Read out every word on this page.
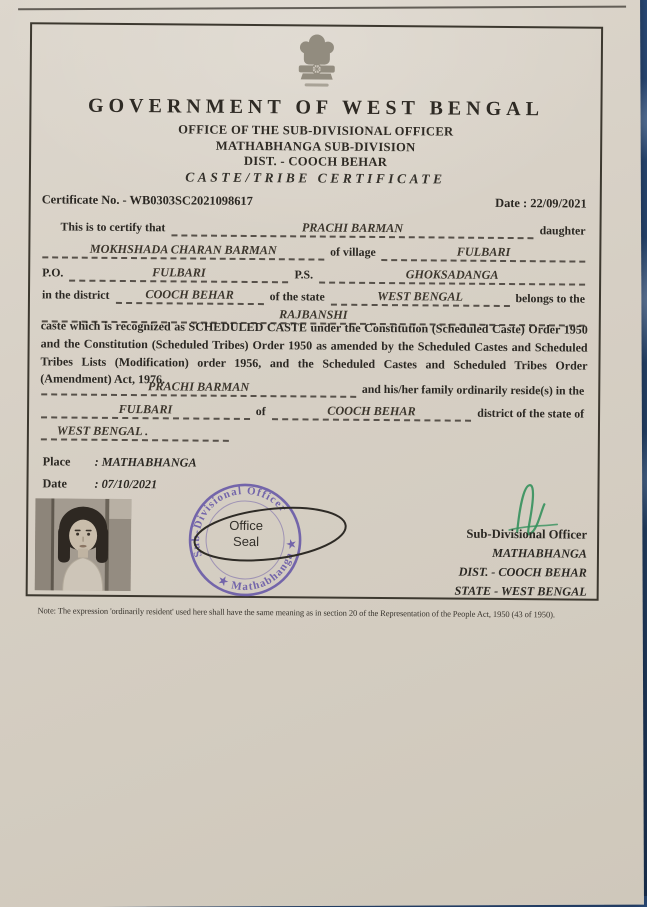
GOVERNMENT OF WEST BENGAL
OFFICE OF THE SUB-DIVISIONAL OFFICER
MATHABHANGA SUB-DIVISION
DIST. - COOCH BEHAR
CASTE/TRIBE CERTIFICATE
Certificate No. - WB0303SC2021098617	Date : 22/09/2021
This is to certify that	PRACHI BARMAN	daughter
MOKHSHADA CHARAN BARMAN	of village	FULBARI
P.O.	FULBARI	P.S.	GHOKSADANGA
in the district	COOCH BEHAR	of the state	WEST BENGAL	belongs to the
RAJBANSHI
caste which is recognized as SCHEDULED CASTE under the Constitution (Scheduled Caste) Order 1950 and the Constitution (Scheduled Tribes) Order 1950 as amended by the Scheduled Castes and Scheduled Tribes Lists (Modification) order 1956, and the Scheduled Castes and Scheduled Tribes Order (Amendment) Act, 1976.
PRACHI BARMAN	and his/her family ordinarily reside(s) in the
FULBARI	of	COOCH BEHAR	district of the state of
WEST BENGAL .
Place	: MATHABHANGA
Date	: 07/10/2021
Sub-Divisional Officer
★ Mathabhanga ★
Office
Seal	Sub-Divisional Officer
MATHABHANGA
DIST. - COOCH BEHAR
STATE - WEST BENGAL
Note: The expression 'ordinarily resident' used here shall have the same meaning as in section 20 of the Representation of the People Act, 1950 (43 of 1950).
